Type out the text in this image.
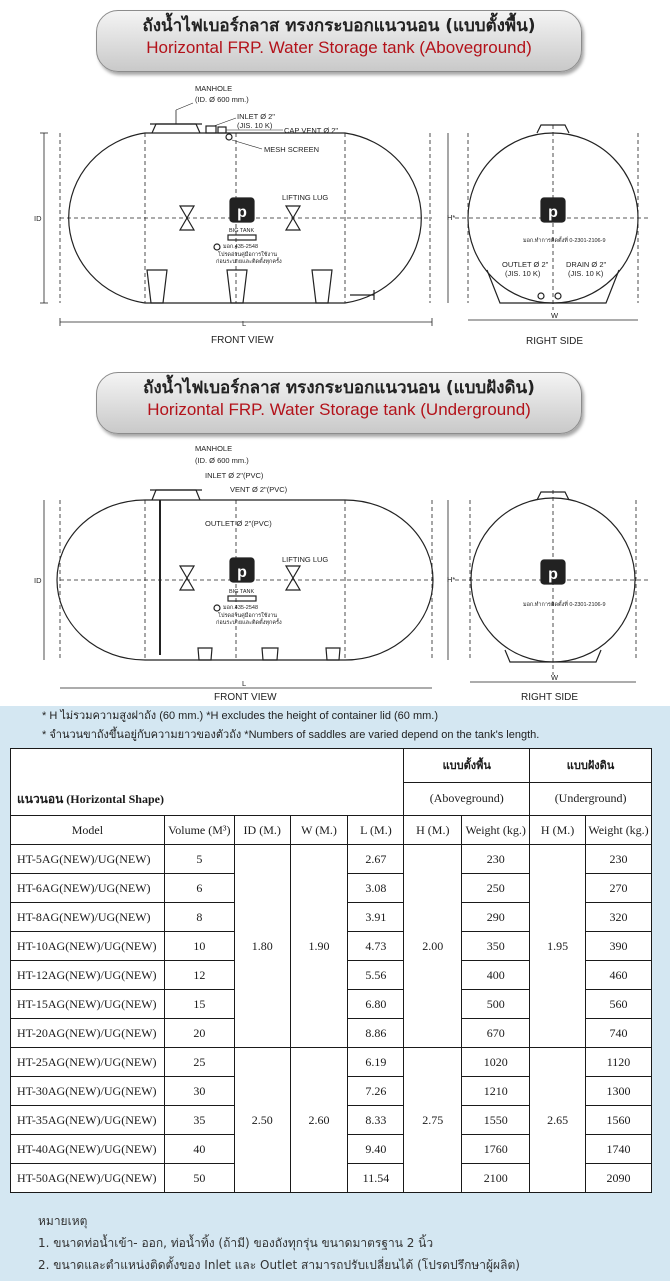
ถังน้ำไฟเบอร์กลาส ทรงกระบอกแนวนอน (แบบตั้งพื้น)
Horizontal FRP. Water Storage tank (Aboveground)
p	p
MANHOLE
(ID. Ø 600 mm.)
INLET Ø 2"
(JIS. 10 K)
CAP VENT Ø 2"
MESH SCREEN
LIFTING LUG
ID
L
H*
W
OUTLET Ø 2"
(JIS. 10 K)
DRAIN Ø 2"
(JIS. 10 K)
BIG TANK
มอก.435-2548
โปรดอ่านคู่มือการใช้งาน
ก่อนระบายและติดตั้งทุกครั้ง
มอก.ทำการติดตั้งที่ 0-2301-2106-9
FRONT VIEW	RIGHT SIDE
ถังน้ำไฟเบอร์กลาส ทรงกระบอกแนวนอน (แบบฝังดิน)
Horizontal FRP. Water Storage tank (Underground)
p	p
MANHOLE
(ID. Ø 600 mm.)
INLET Ø 2"(PVC)
VENT Ø 2"(PVC)
OUTLET Ø 2"(PVC)
LIFTING LUG
ID
L
H*
W
BIG TANK
มอก.435-2548
โปรดอ่านคู่มือการใช้งาน
ก่อนระบายและติดตั้งทุกครั้ง
มอก.ทำการติดตั้งที่ 0-2301-2106-9
FRONT VIEW	RIGHT SIDE
* H ไม่รวมความสูงฝาถัง (60 mm.) *H excludes the height of container lid (60 mm.)
* จำนวนขาถังขึ้นอยู่กับความยาวของตัวถัง *Numbers of saddles are varied depend on the tank's length.
แนวนอน (Horizontal Shape)					แบบตั้งพื้น		แบบฝังดิน	
					(Aboveground)		(Underground)	
Model	Volume (M³)	ID (M.)	W (M.)	L (M.)	H (M.)	Weight (kg.)	H (M.)	Weight (kg.)
HT-5AG(NEW)/UG(NEW)	5	1.80	1.90	2.67	2.00	230	1.95	230
HT-6AG(NEW)/UG(NEW)	6			3.08		250		270
HT-8AG(NEW)/UG(NEW)	8			3.91		290		320
HT-10AG(NEW)/UG(NEW)	10			4.73		350		390
HT-12AG(NEW)/UG(NEW)	12			5.56		400		460
HT-15AG(NEW)/UG(NEW)	15			6.80		500		560
HT-20AG(NEW)/UG(NEW)	20			8.86		670		740
HT-25AG(NEW)/UG(NEW)	25	2.50	2.60	6.19	2.75	1020	2.65	1120
HT-30AG(NEW)/UG(NEW)	30			7.26		1210		1300
HT-35AG(NEW)/UG(NEW)	35			8.33		1550		1560
HT-40AG(NEW)/UG(NEW)	40			9.40		1760		1740
HT-50AG(NEW)/UG(NEW)	50			11.54		2100		2090
หมายเหตุ
1. ขนาดท่อน้ำเข้า- ออก, ท่อน้ำทิ้ง (ถ้ามี) ของถังทุกรุ่น ขนาดมาตรฐาน 2 นิ้ว
2. ขนาดและตำแหน่งติดตั้งของ Inlet และ Outlet สามารถปรับเปลี่ยนได้ (โปรดปรึกษาผู้ผลิต)
